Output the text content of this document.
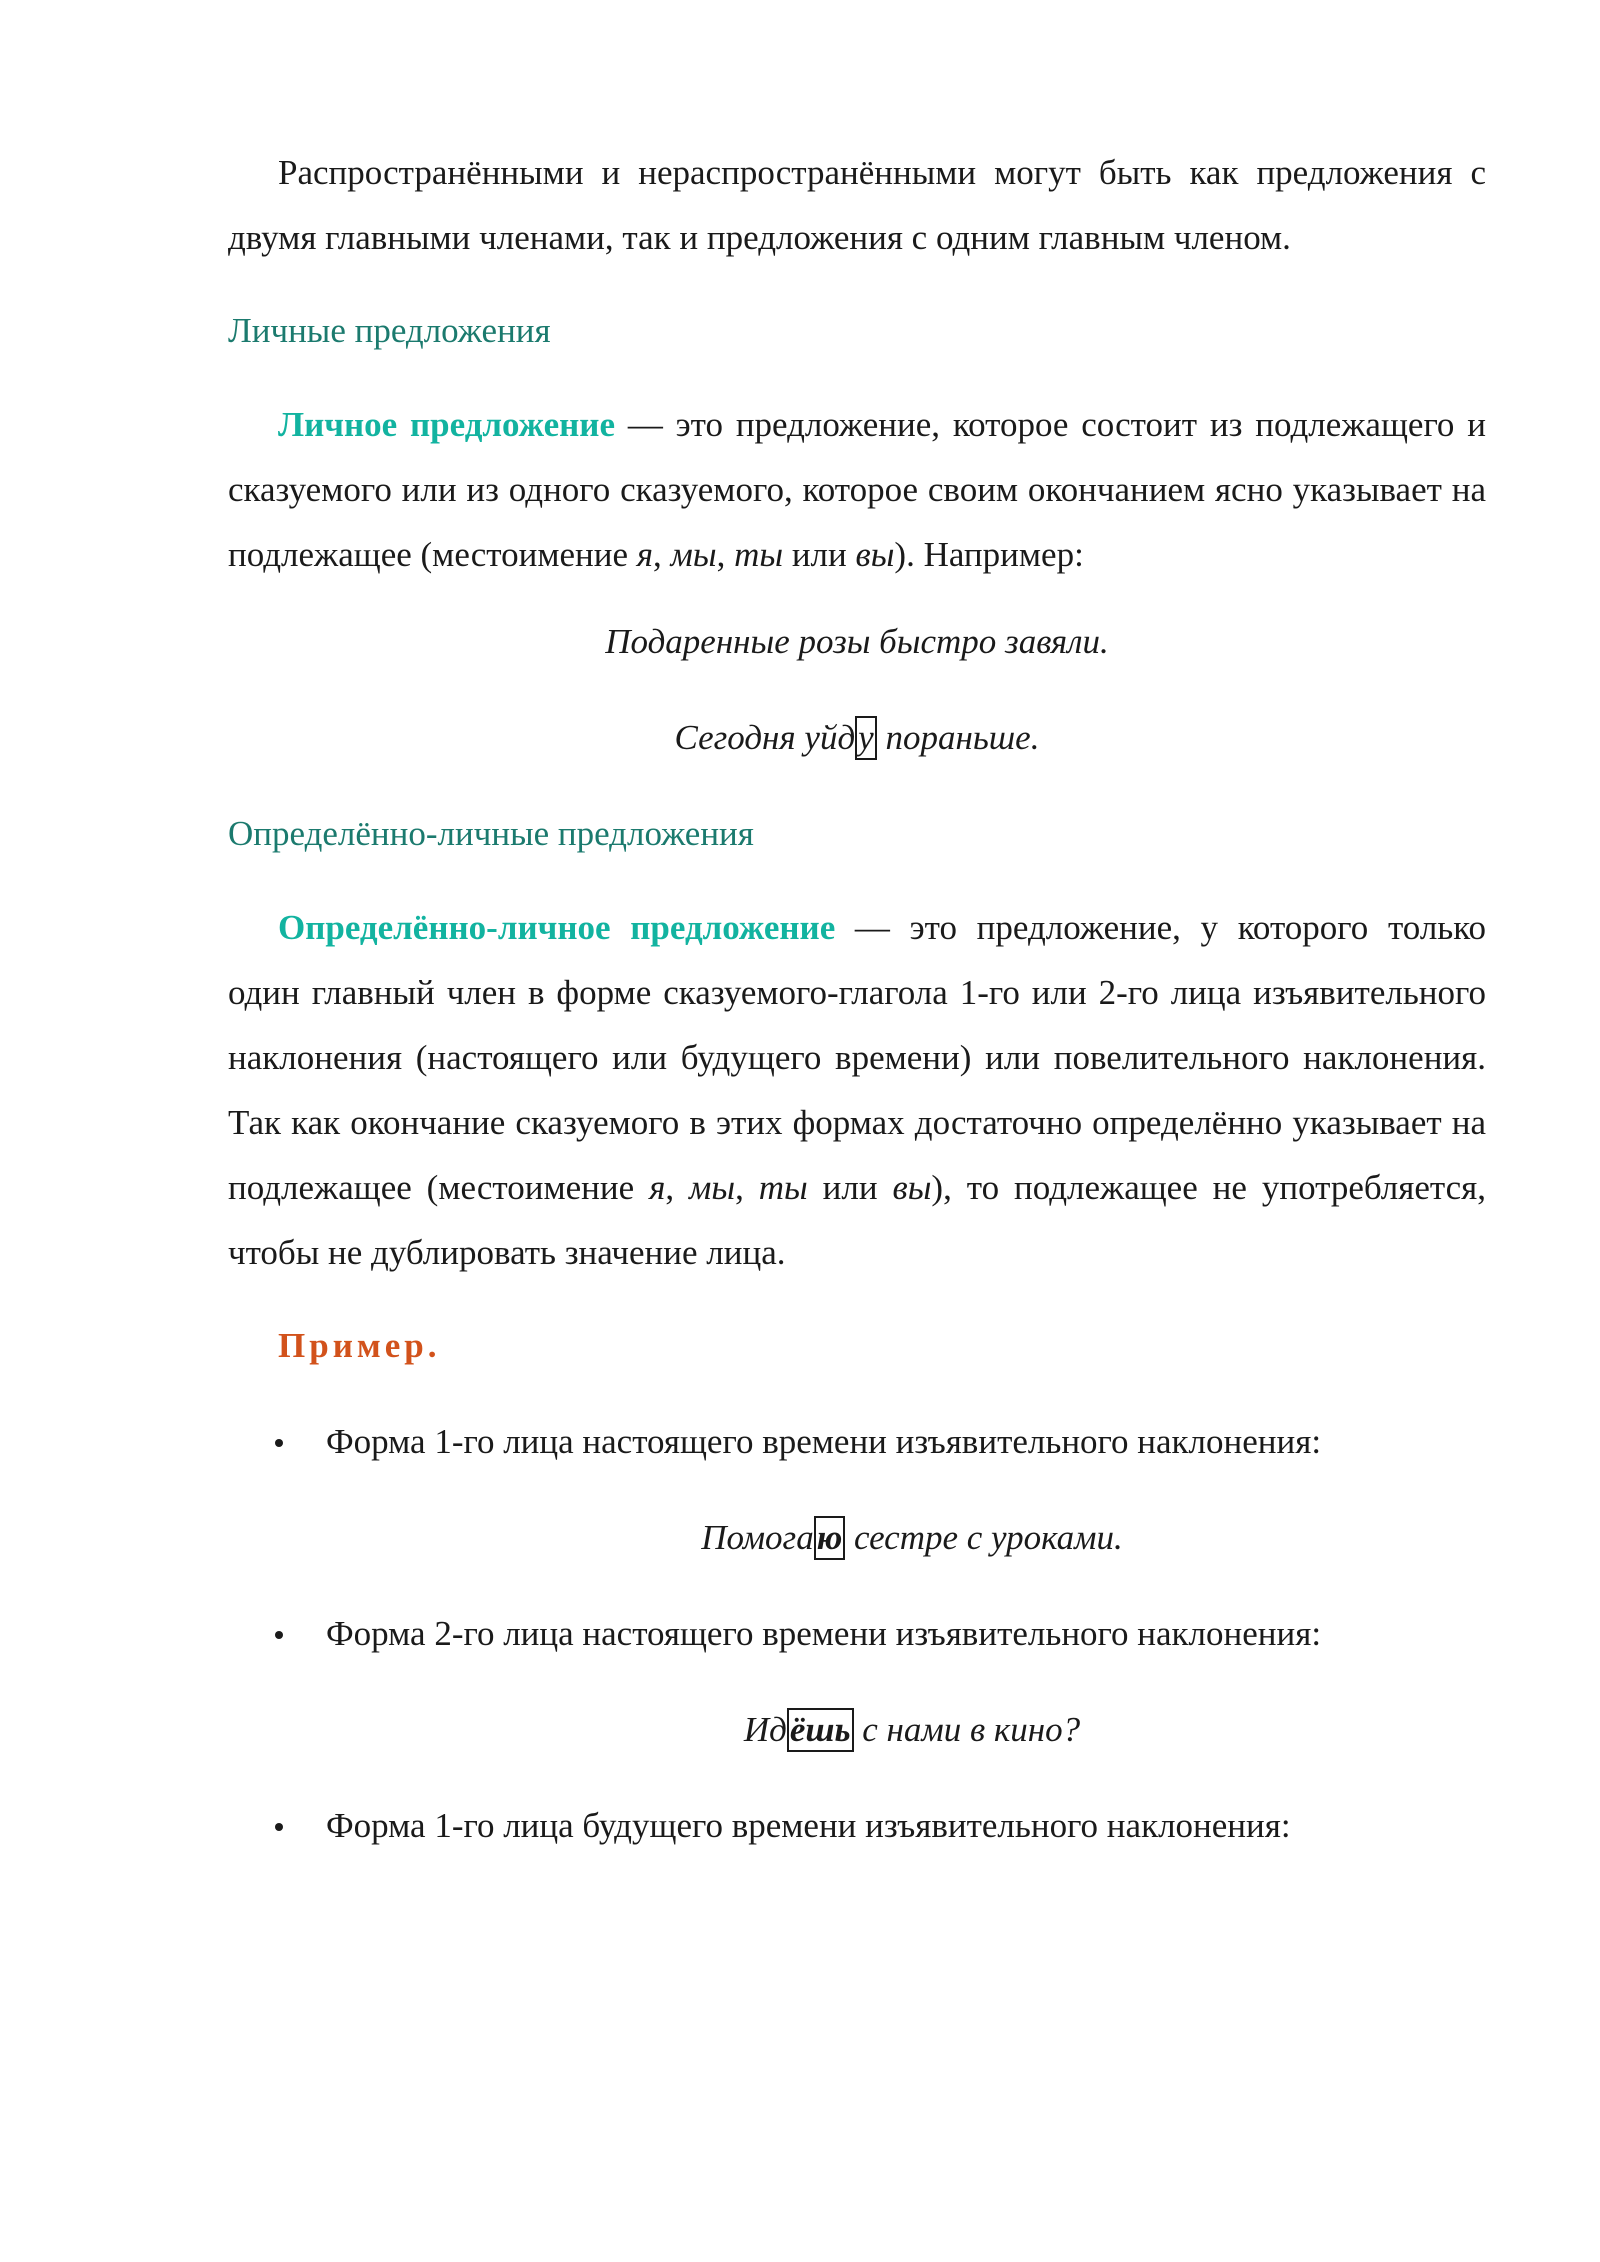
Распространёнными и нераспространёнными могут быть как предложения с двумя главными членами, так и предложения с одним главным членом.

Личные предложения

Личное предложение — это предложение, которое состоит из подлежащего и сказуемого или из одного сказуемого, которое своим окончанием ясно указывает на подлежащее (местоимение я, мы, ты или вы). Например:

Подаренные розы быстро завяли.

Сегодня уйду пораньше.

Определённо-личные предложения

Определённо-личное предложение — это предложение, у которого только один главный член в форме сказуемого-глагола 1-го или 2-го лица изъявительного наклонения (настоящего или будущего времени) или повелительного наклонения. Так как окончание сказуемого в этих формах достаточно определённо указывает на подлежащее (местоимение я, мы, ты или вы), то подлежащее не употребляется, чтобы не дублировать значение лица.

Пример.

Форма 1-го лица настоящего времени изъявительного наклонения:

Помогаю сестре с уроками.

Форма 2-го лица настоящего времени изъявительного наклонения:

Идёшь с нами в кино?

Форма 1-го лица будущего времени изъявительного наклонения:
